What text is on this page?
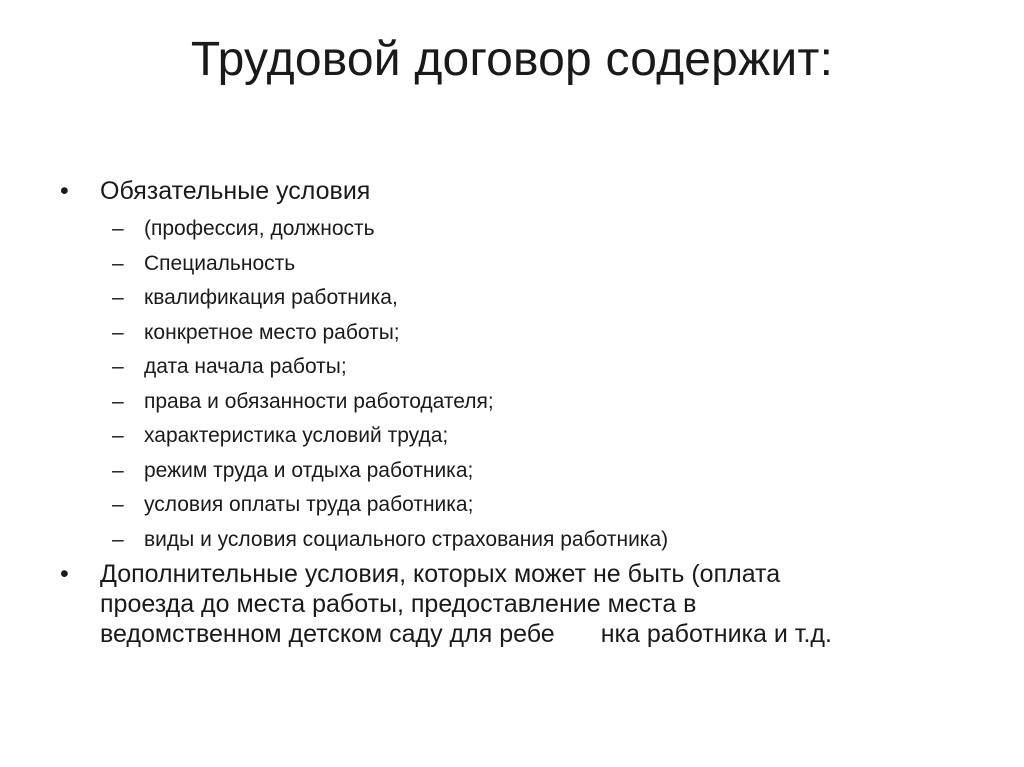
Трудовой договор содержит:
•	Обязательные условия
– (профессия, должность
– Специальность
– квалификация работника,
– конкретное место работы;
– дата начала работы;
– права и обязанности работодателя;
– характеристика условий труда;
– режим труда и отдыха работника;
– условия оплаты труда работника;
– виды и условия социального страхования работника)
•	Дополнительные условия, которых может не быть (оплата
проезда до места работы, предоставление места в
ведомственном детском саду для ребе нка работника и т.д.
